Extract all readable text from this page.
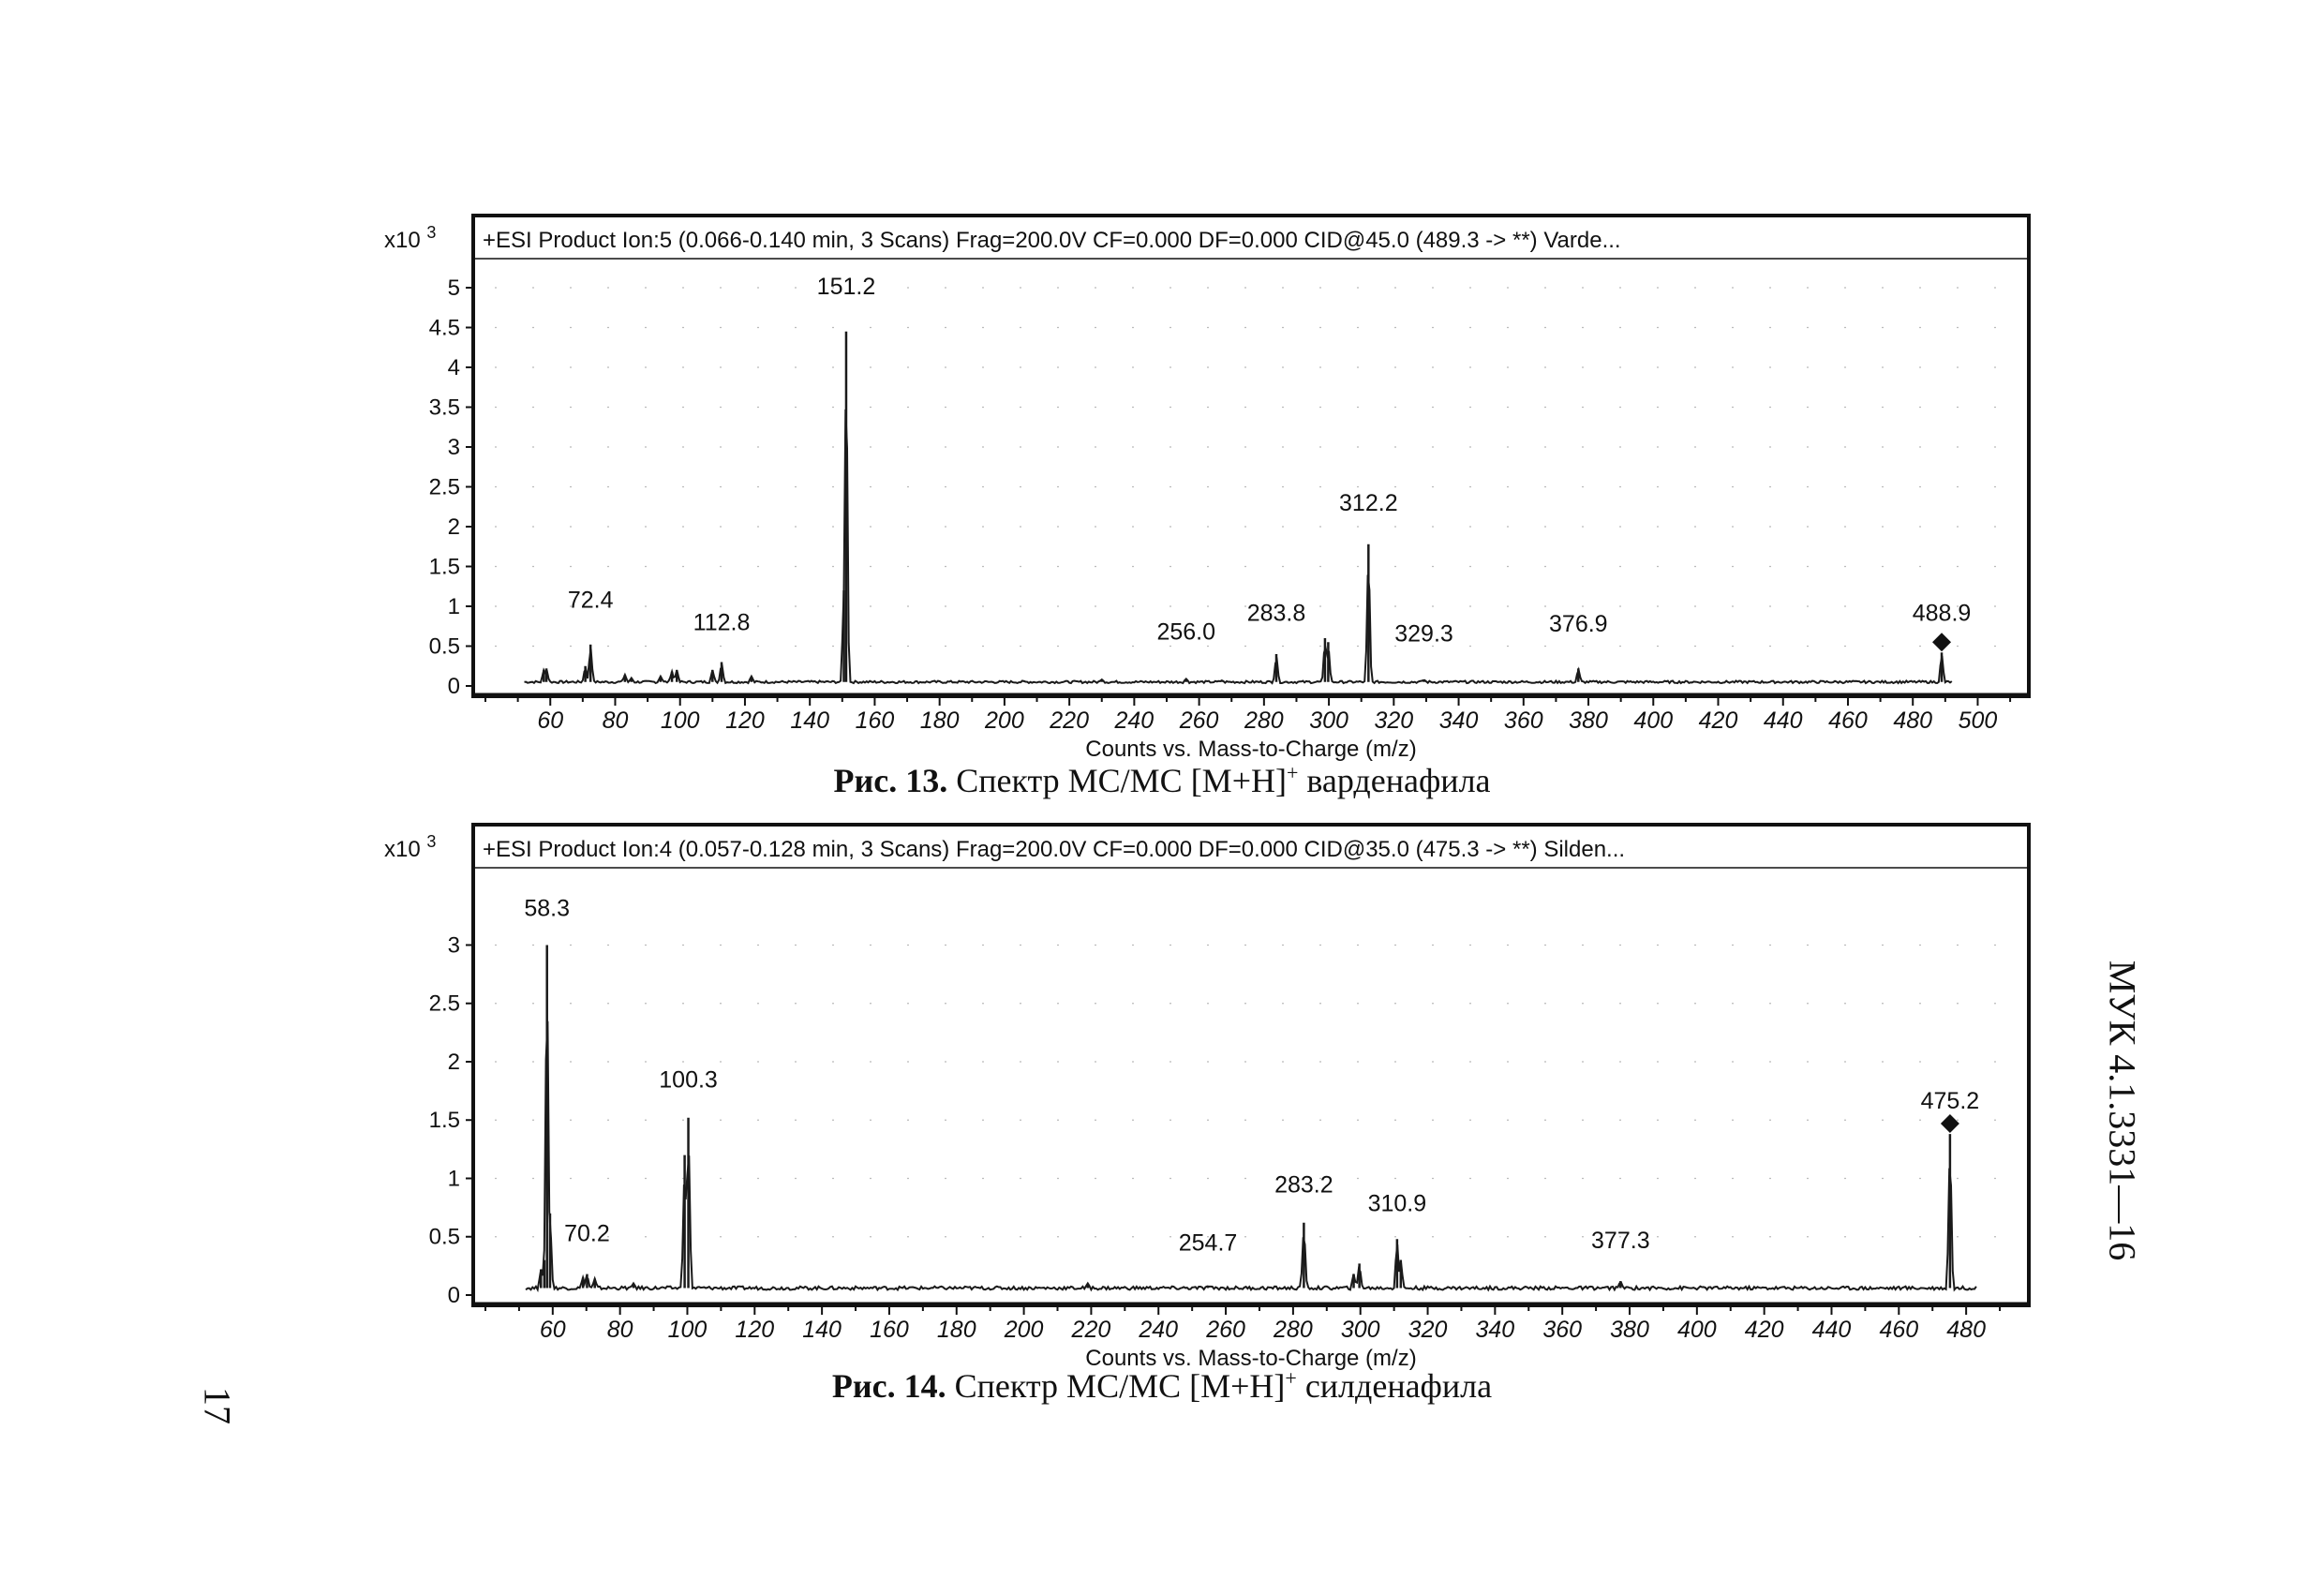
+ESI Product Ion:5 (0.066-0.140 min, 3 Scans) Frag=200.0V CF=0.000 DF=0.000 CID@45.0 (489.3 -> **) Varde...
x10 $^3$
0
0.5
1
1.5
2
2.5
3
3.5
4
4.5
5
60 80 100 120 140 160 180 200 220 240 260 280 300 320 340 360 380 400 420 440 460 480 500
Counts vs. Mass-to-Charge (m/z)
72.4
112.8
151.2
256.0
283.8
312.2
329.3	376.9	488.9
Рис. 13. Спектр МС/МС [М+Н]+ варденафила
+ESI Product Ion:4 (0.057-0.128 min, 3 Scans) Frag=200.0V CF=0.000 DF=0.000 CID@35.0 (475.3 -> **) Silden...
x10 $^3$
0
0.5
1
1.5
2
2.5
3
60 80 100 120 140 160 180 200 220 240 260 280 300 320 340 360 380 400 420 440 460 480
Counts vs. Mass-to-Charge (m/z)
58.3
70.2
100.3
254.7
283.2
310.9
377.3
475.2
Рис. 14. Спектр МС/МС [М+Н]+ силденафила
МУК 4.1.3331—16
17
